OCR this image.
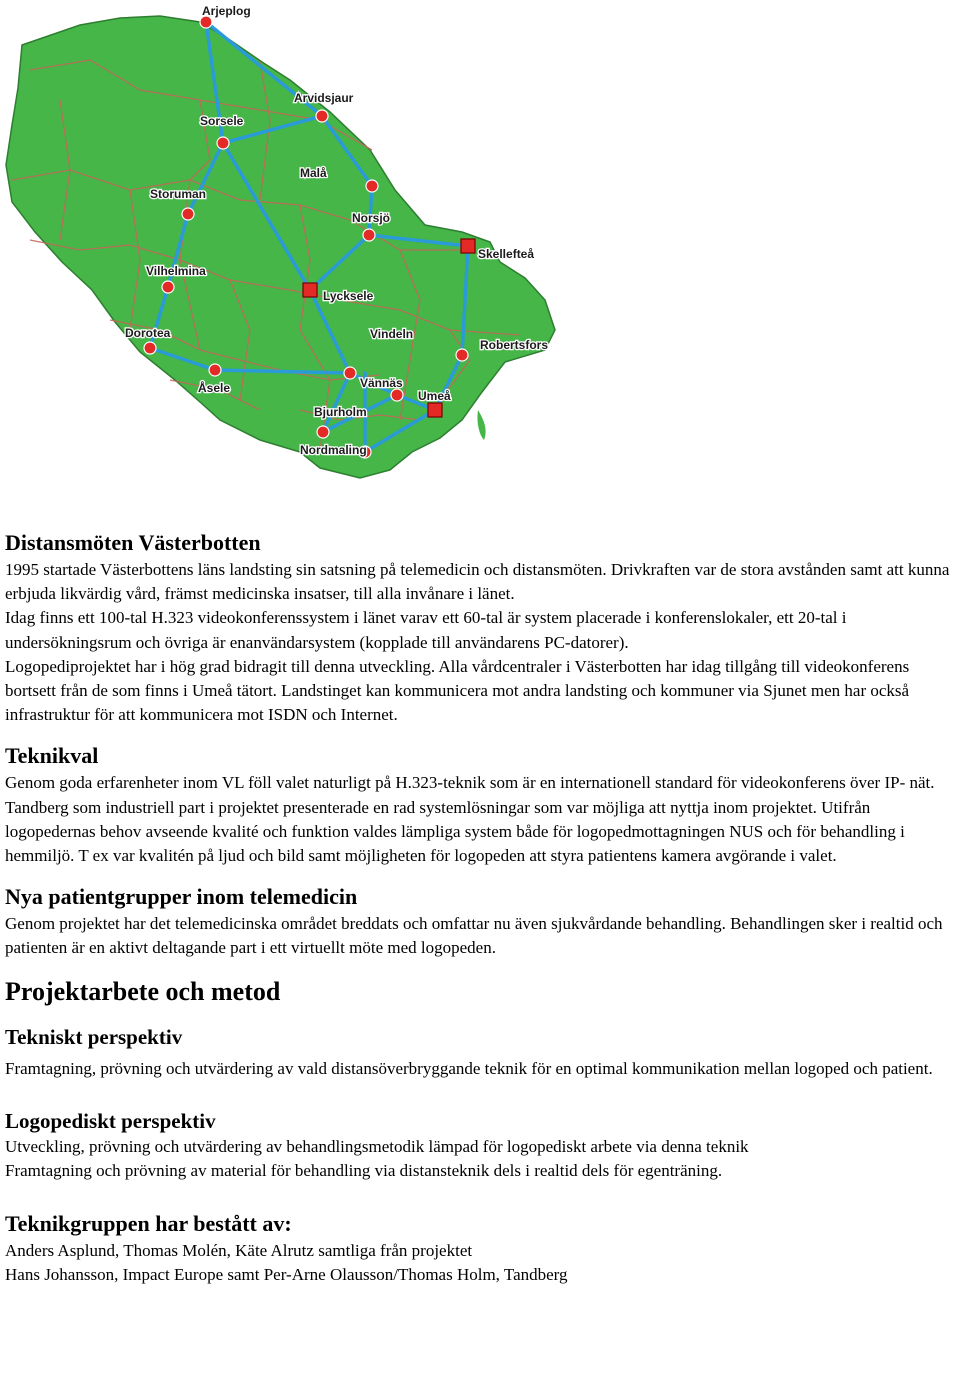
Arjeplog
Arvidsjaur
Sorsele
Malå
Storuman
Norsjö
Skellefteå
Vilhelmina
Lycksele
Dorotea	Vindeln
Robertsfors
Åsele	Vännäs
Umeå
Bjurholm
Nordmaling
Distansmöten Västerbotten

1995 startade Västerbottens läns landsting sin satsning på telemedicin och distansmöten. Drivkraften var de stora avstånden samt att kunna erbjuda likvärdig vård, främst medicinska insatser, till alla invånare i länet.

Idag finns ett 100-tal H.323 videokonferenssystem i länet varav ett 60-tal är system placerade i konferenslokaler, ett 20-tal i undersökningsrum och övriga är enanvändarsystem (kopplade till användarens PC-datorer).

Logopediprojektet har i hög grad bidragit till denna utveckling. Alla vårdcentraler i Västerbotten har idag tillgång till videokonferens bortsett från de som finns i Umeå tätort. Landstinget kan kommunicera mot andra landsting och kommuner via Sjunet men har också infrastruktur för att kommunicera mot ISDN och Internet.

Teknikval

Genom goda erfarenheter inom VL föll valet naturligt på H.323-teknik som är en internationell standard för videokonferens över IP- nät. Tandberg som industriell part i projektet presenterade en rad systemlösningar som var möjliga att nyttja inom projektet. Utifrån logopedernas behov avseende kvalité och funktion valdes lämpliga system både för logopedmottagningen NUS och för behandling i hemmiljö. T ex var kvalitén på ljud och bild samt möjligheten för logopeden att styra patientens kamera avgörande i valet.

Nya patientgrupper inom telemedicin

Genom projektet har det telemedicinska området breddats och omfattar nu även sjukvårdande behandling. Behandlingen sker i realtid och patienten är en aktivt deltagande part i ett virtuellt möte med logopeden.

Projektarbete och metod
Tekniskt perspektiv

Framtagning, prövning och utvärdering av vald distansöverbryggande teknik för en optimal kommunikation mellan logoped och patient.

Logopediskt perspektiv

Utveckling, prövning och utvärdering av behandlingsmetodik lämpad för logopediskt arbete via denna teknik

Framtagning och prövning av material för behandling via distansteknik dels i realtid dels för egenträning.

Teknikgruppen har bestått av:

Anders Asplund, Thomas Molén, Käte Alrutz samtliga från projektet

Hans Johansson, Impact Europe samt Per-Arne Olausson/Thomas Holm, Tandberg
